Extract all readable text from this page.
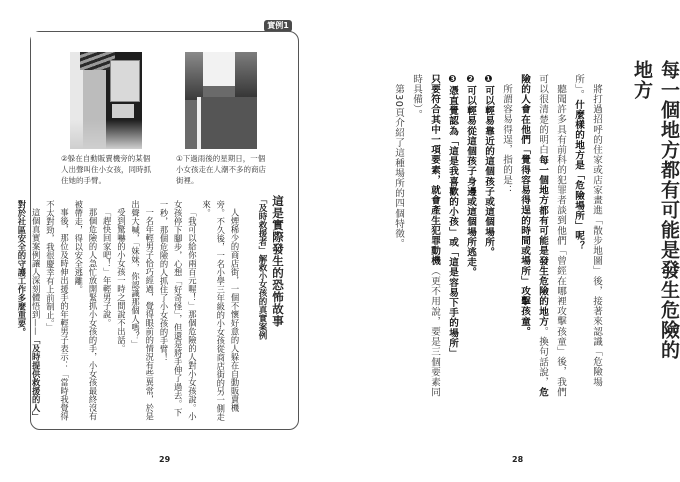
實例1
②躲在自動販賣機旁的某個人出聲叫住小女孩，同時抓住她的手臂。
①下過雨後的星期日，一個小女孩走在人潮不多的商店街裡。
這是實際發生的恐怖故事
「及時救援者」解救小女孩的真實案例

人煙稀少的商店街，一個不懷好意的人躲在自動販賣機旁。不久後，一名小學三年級的小女孩從商店街的另一側走來。

「我可以給你兩百元喔！」那個危險的人對小女孩說。小女孩停下腳步，心想「好奇怪」，但還是將手伸了過去。下一秒，那個危險的人抓住了小女孩的手臂！

一名年輕男子恰巧經過，覺得眼前的情況有些異常，於是出聲大喊，「妹妹，你認識那個人嗎？」

受到驚嚇的小女孩一時之間說不出話。

「趕快回家吧！」年輕男子說。

那個危險的人急忙放開緊抓小女孩的手，小女孩最終沒有被帶走，得以安全逃離。

事後，那位及時伸出援手的年輕男子表示：「當時我覺得不太對勁，我很慶幸有上前制止。」

這個真實案例讓人深刻體悟到——「及時提供救援的人」對於社區安全的守護工作多麼重要。

29
每一個地方都有可能是發生危險的地方

將打過招呼的住家或店家畫進「散步地圖」後，接著來認識「危險場所」。什麼樣的地方是「危險場所」呢？

聽聞許多具有前科的犯罪者談到他們「曾經在哪裡攻擊孩童」後，我們可以很清楚的明白每一個地方都有可能是發生危險的地方。換句話說，危險的人會在他們「覺得容易得逞的時間或場所」攻擊孩童。

所謂容易得逞，指的是：

❶可以輕易靠近的這個孩子或這個場所。

❷可以輕易從這個孩子身邊或這個場所逃走。

❸憑直覺認為「這是我喜歡的小孩」或「這是容易下手的場所」

只要符合其中一項要素，就會產生犯罪動機（更不用說，要是三個要素同時具備）。

第30頁介紹了這種場所的四個特徵。

28
